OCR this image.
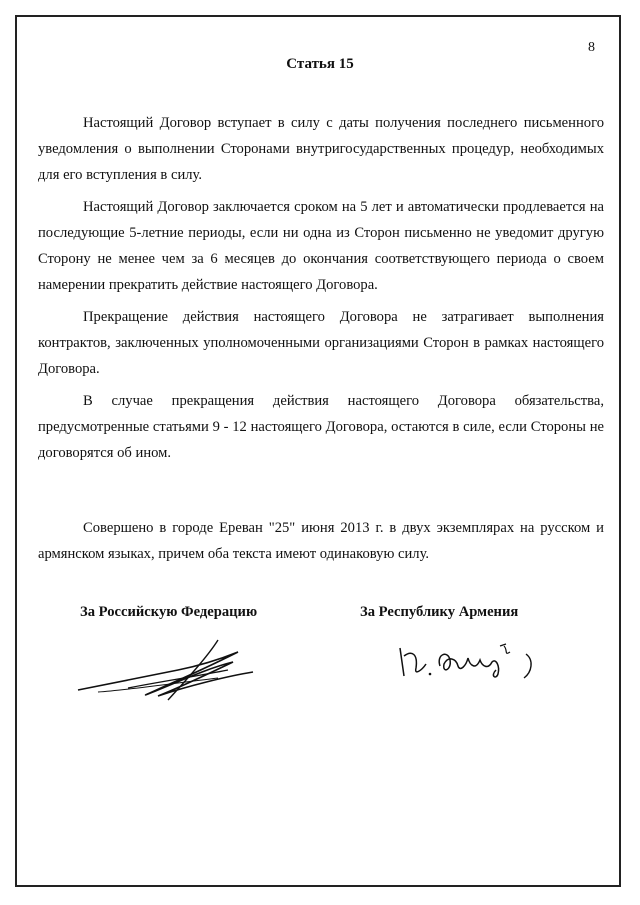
8
Статья 15

Настоящий Договор вступает в силу с даты получения последнего письменного уведомления о выполнении Сторонами внутригосударственных процедур, необходимых для его вступления в силу.

Настоящий Договор заключается сроком на 5 лет и автоматически продлевается на последующие 5-летние периоды, если ни одна из Сторон письменно не уведомит другую Сторону не менее чем за 6 месяцев до окончания соответствующего периода о своем намерении прекратить действие настоящего Договора.

Прекращение действия настоящего Договора не затрагивает выполнения контрактов, заключенных уполномоченными организациями Сторон в рамках настоящего Договора.

В случае прекращения действия настоящего Договора обязательства, предусмотренные статьями 9 - 12 настоящего Договора, остаются в силе, если Стороны не договорятся об ином.

Совершено в городе Ереван "25" июня 2013 г. в двух экземплярах на русском и армянском языках, причем оба текста имеют одинаковую силу.

За Российскую Федерацию	За Республику Армения
